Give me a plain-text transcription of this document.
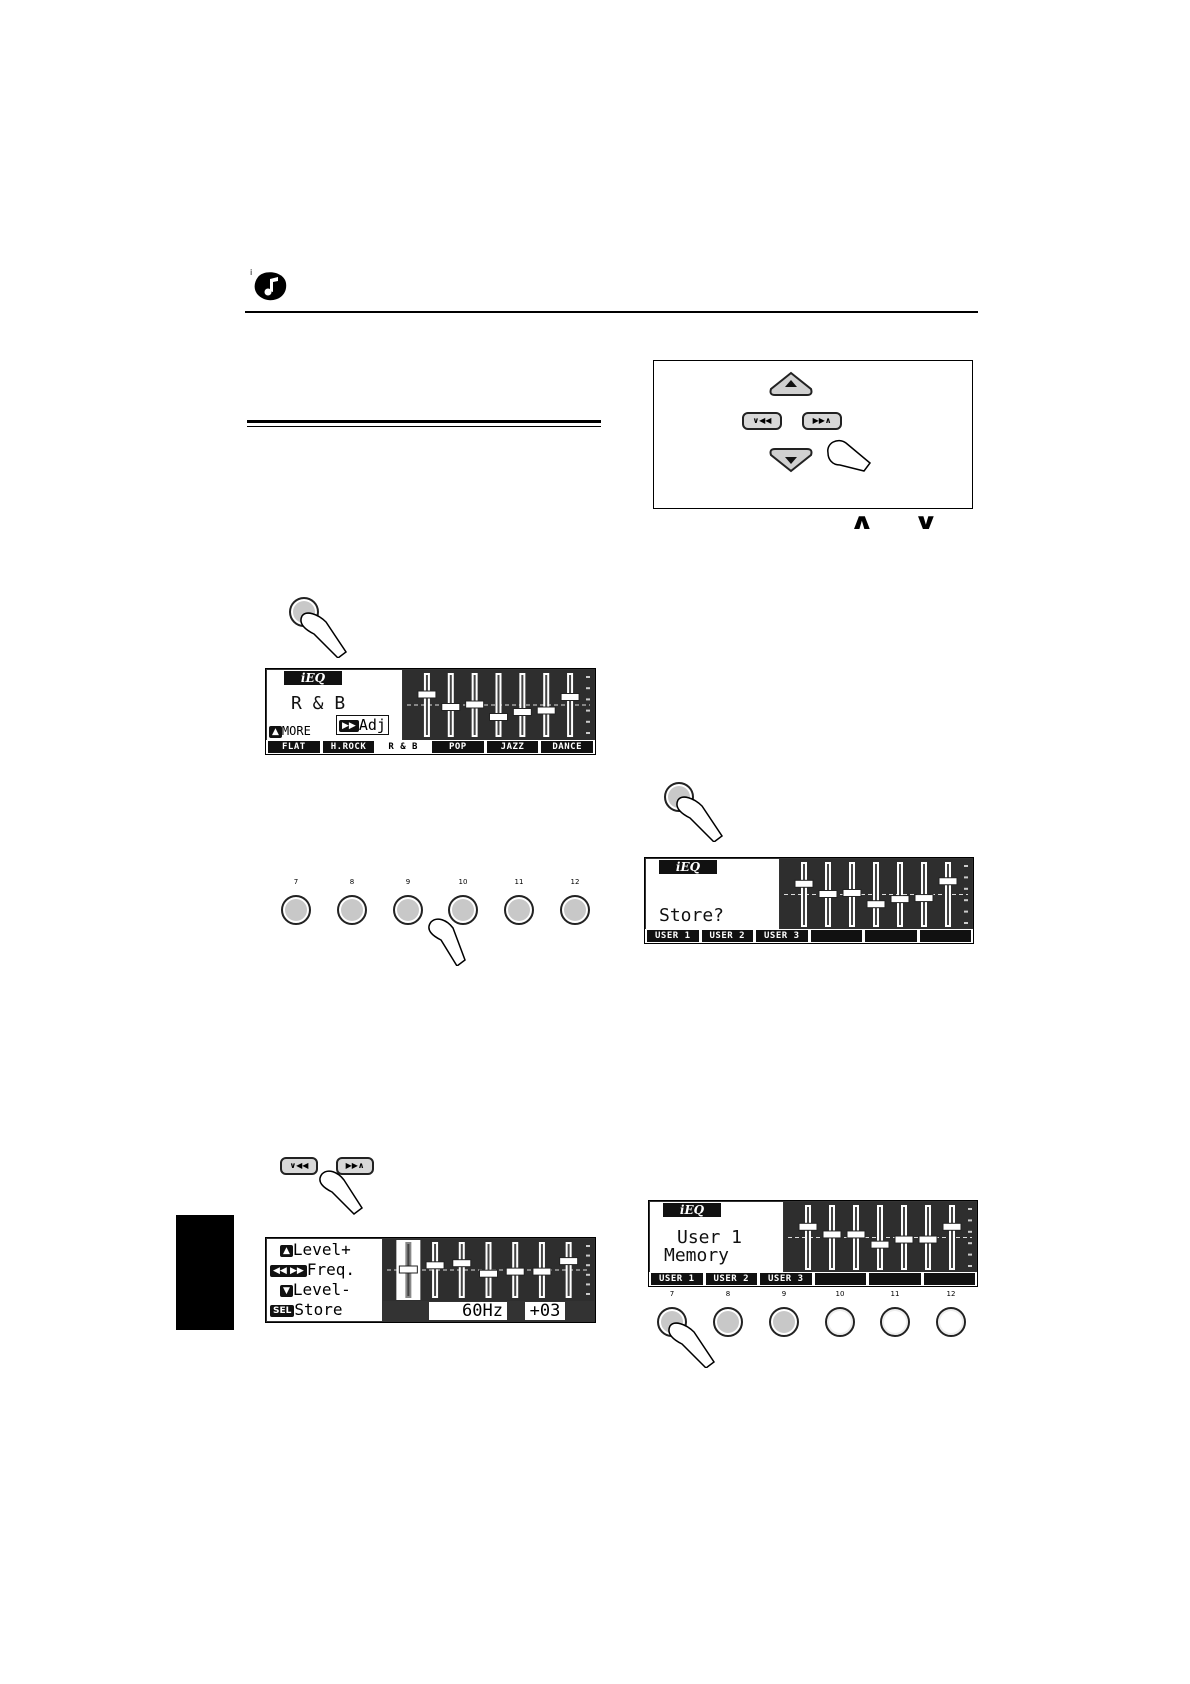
i
iEQ
R & B
▲ MORE	▶▶ Adj
FLAT	H.ROCK	R & B	POP	JAZZ	DANCE
7	8	9	10	11	12
∨◀◀	▶▶∧
▲ Level+
◀◀ ▶▶ Freq.
▼ Level-
SEL Store	60Hz +03
∨◀◀	▶▶∧
∧ ∨
iEQ
Store?
USER 1	USER 2	USER 3
iEQ
User 1
Memory
USER 1	USER 2	USER 3
7	8	9	10	11	12
